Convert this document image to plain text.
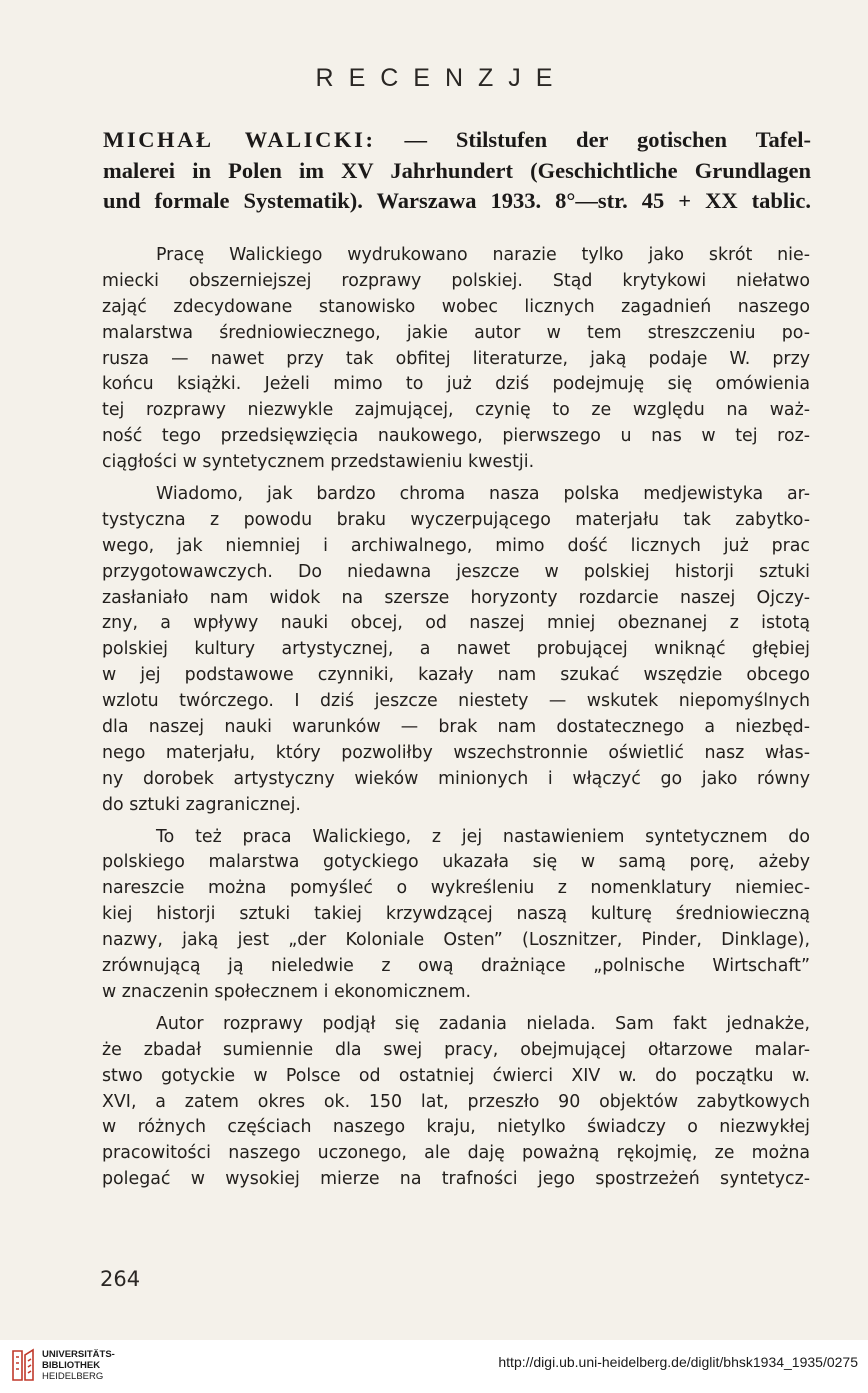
RECENZJE
MICHAŁ WALICKI: — Stilstufen der gotischen Tafel-
malerei in Polen im XV Jahrhundert (Geschichtliche Grundlagen
und formale Systematik). Warszawa 1933. 8°—str. 45 + XX tablic.
Pracę Walickiego wydrukowano narazie tylko jako skrót nie-
miecki obszerniejszej rozprawy polskiej. Stąd krytykowi niełatwo
zająć zdecydowane stanowisko wobec licznych zagadnień naszego
malarstwa średniowiecznego, jakie autor w tem streszczeniu po-
rusza — nawet przy tak obfitej literaturze, jaką podaje W. przy
końcu książki. Jeżeli mimo to już dziś podejmuję się omówienia
tej rozprawy niezwykle zajmującej, czynię to ze względu na waż-
ność tego przedsięwzięcia naukowego, pierwszego u nas w tej roz-
ciągłości w syntetycznem przedstawieniu kwestji.
Wiadomo, jak bardzo chroma nasza polska medjewistyka ar-
tystyczna z powodu braku wyczerpującego materjału tak zabytko-
wego, jak niemniej i archiwalnego, mimo dość licznych już prac
przygotowawczych. Do niedawna jeszcze w polskiej historji sztuki
zasłaniało nam widok na szersze horyzonty rozdarcie naszej Ojczy-
zny, a wpływy nauki obcej, od naszej mniej obeznanej z istotą
polskiej kultury artystycznej, a nawet probującej wniknąć głębiej
w jej podstawowe czynniki, kazały nam szukać wszędzie obcego
wzlotu twórczego. I dziś jeszcze niestety — wskutek niepomyślnych
dla naszej nauki warunków — brak nam dostatecznego a niezbęd-
nego materjału, który pozwoliłby wszechstronnie oświetlić nasz włas-
ny dorobek artystyczny wieków minionych i włączyć go jako równy
do sztuki zagranicznej.
To też praca Walickiego, z jej nastawieniem syntetycznem do
polskiego malarstwa gotyckiego ukazała się w samą porę, ażeby
nareszcie można pomyśleć o wykreśleniu z nomenklatury niemiec-
kiej historji sztuki takiej krzywdzącej naszą kulturę średniowieczną
nazwy, jaką jest „der Koloniale Osten” (Losznitzer, Pinder, Dinklage),
zrównującą ją nieledwie z ową drażniące „polnische Wirtschaft”
w znaczenin społecznem i ekonomicznem.
Autor rozprawy podjął się zadania nielada. Sam fakt jednakże,
że zbadał sumiennie dla swej pracy, obejmującej ołtarzowe malar-
stwo gotyckie w Polsce od ostatniej ćwierci XIV w. do początku w.
XVI, a zatem okres ok. 150 lat, przeszło 90 objektów zabytkowych
w różnych częściach naszego kraju, nietylko świadczy o niezwykłej
pracowitości naszego uczonego, ale daję poważną rękojmię, ze można
polegać w wysokiej mierze na trafności jego spostrzeżeń syntetycz-
264
UNIVERSITÄTS-
BIBLIOTHEK
HEIDELBERG
http://digi.ub.uni-heidelberg.de/diglit/bhsk1934_1935/0275
